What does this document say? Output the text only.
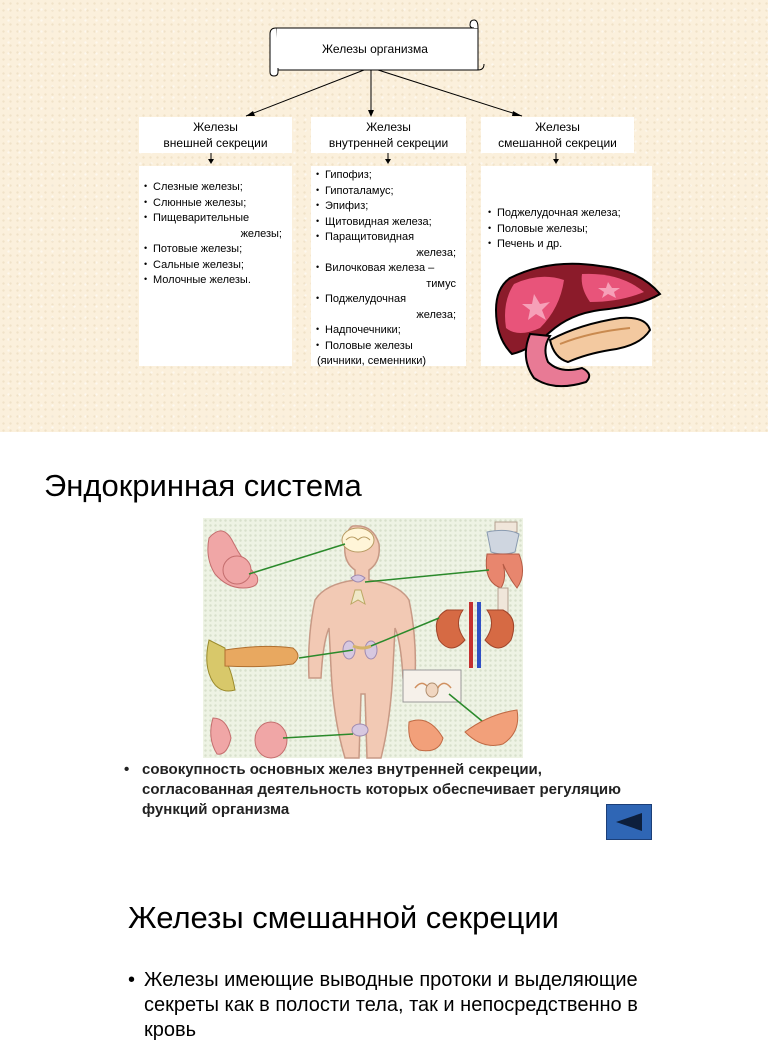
Железы организма
Железы
внешней секреции
Железы
внутренней секреции
Железы
смешанной секреции
• Слезные железы;
• Слюнные железы;
• Пищеварительные
железы;
• Потовые железы;
• Сальные железы;
• Молочные железы.
• Гипофиз;
• Гипоталамус;
• Эпифиз;
• Щитовидная железа;
• Паращитовидная
железа;
• Вилочковая железа –
тимус
• Поджелудочная
железа;
• Надпочечники;
• Половые железы
(яичники, семенники)
• Поджелудочная железа;
• Половые железы;
• Печень и др.
Эндокринная система
• совокупность основных желез внутренней секреции, согласованная деятельность которых обеспечивает регуляцию функций организма
Железы смешанной секреции
• Железы имеющие выводные протоки и выделяющие секреты как в полости тела, так и непосредственно в кровь
